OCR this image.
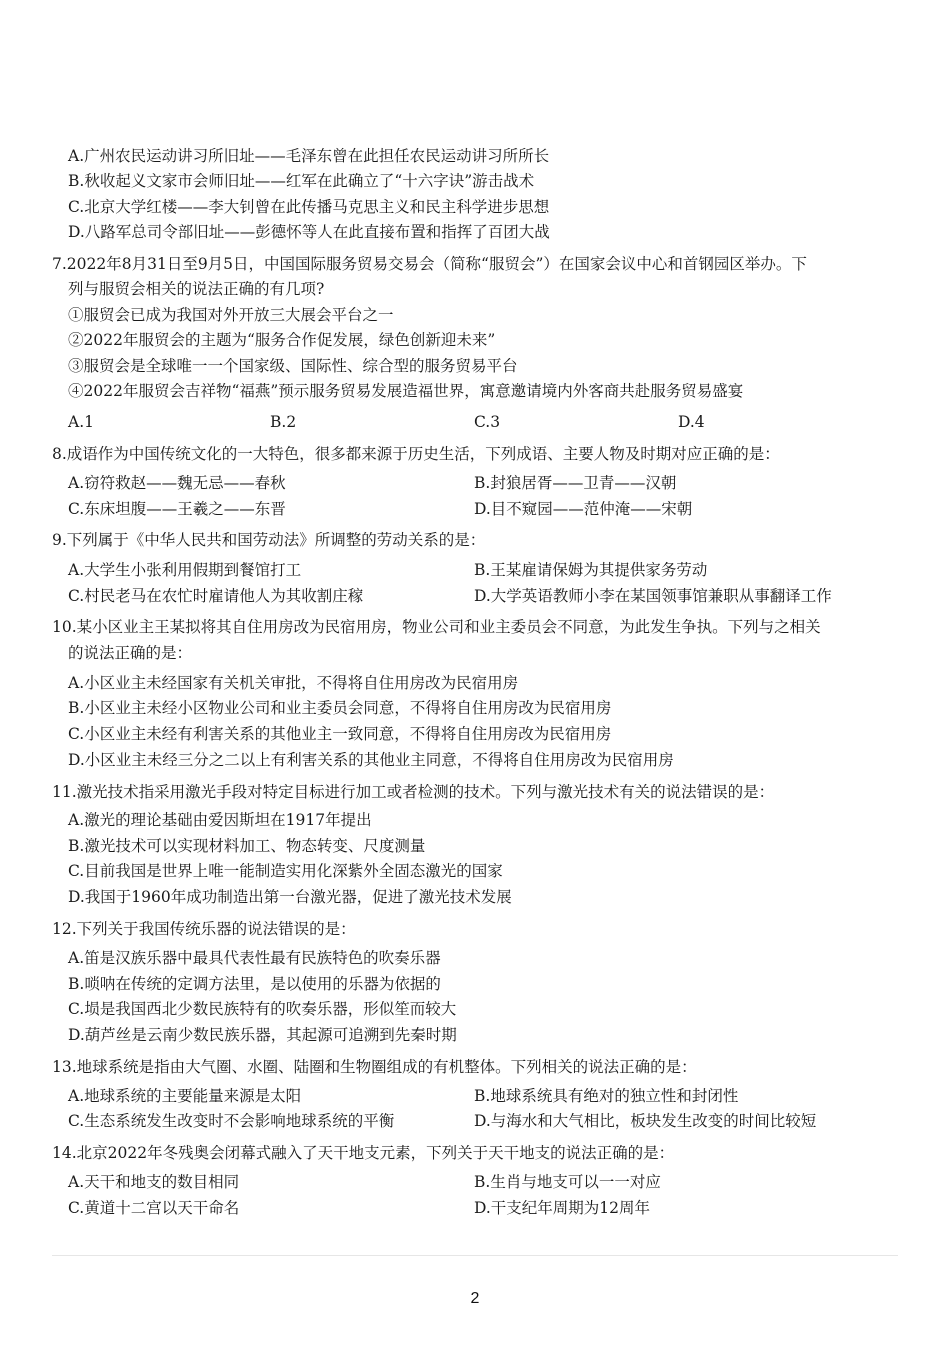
A.广州农民运动讲习所旧址——毛泽东曾在此担任农民运动讲习所所长
B.秋收起义文家市会师旧址——红军在此确立了“十六字诀”游击战术
C.北京大学红楼——李大钊曾在此传播马克思主义和民主科学进步思想
D.八路军总司令部旧址——彭德怀等人在此直接布置和指挥了百团大战
7.2022年8月31日至9月5日，中国国际服务贸易交易会（简称“服贸会”）在国家会议中心和首钢园区举办。下
列与服贸会相关的说法正确的有几项?
①服贸会已成为我国对外开放三大展会平台之一
②2022年服贸会的主题为“服务合作促发展，绿色创新迎未来”
③服贸会是全球唯一一个国家级、国际性、综合型的服务贸易平台
④2022年服贸会吉祥物“福燕”预示服务贸易发展造福世界，寓意邀请境内外客商共赴服务贸易盛宴
A.1	B.2	C.3	D.4
8.成语作为中国传统文化的一大特色，很多都来源于历史生活，下列成语、主要人物及时期对应正确的是：
A.窃符救赵——魏无忌——春秋	B.封狼居胥——卫青——汉朝
C.东床坦腹——王羲之——东晋	D.目不窥园——范仲淹——宋朝
9.下列属于《中华人民共和国劳动法》所调整的劳动关系的是：
A.大学生小张利用假期到餐馆打工	B.王某雇请保姆为其提供家务劳动
C.村民老马在农忙时雇请他人为其收割庄稼	D.大学英语教师小李在某国领事馆兼职从事翻译工作
10.某小区业主王某拟将其自住用房改为民宿用房，物业公司和业主委员会不同意，为此发生争执。下列与之相关
的说法正确的是：
A.小区业主未经国家有关机关审批，不得将自住用房改为民宿用房
B.小区业主未经小区物业公司和业主委员会同意，不得将自住用房改为民宿用房
C.小区业主未经有利害关系的其他业主一致同意，不得将自住用房改为民宿用房
D.小区业主未经三分之二以上有利害关系的其他业主同意，不得将自住用房改为民宿用房
11.激光技术指采用激光手段对特定目标进行加工或者检测的技术。下列与激光技术有关的说法错误的是：
A.激光的理论基础由爱因斯坦在1917年提出
B.激光技术可以实现材料加工、物态转变、尺度测量
C.目前我国是世界上唯一能制造实用化深紫外全固态激光的国家
D.我国于1960年成功制造出第一台激光器，促进了激光技术发展
12.下列关于我国传统乐器的说法错误的是：
A.笛是汉族乐器中最具代表性最有民族特色的吹奏乐器
B.唢呐在传统的定调方法里，是以使用的乐器为依据的
C.埙是我国西北少数民族特有的吹奏乐器，形似笙而较大
D.葫芦丝是云南少数民族乐器，其起源可追溯到先秦时期
13.地球系统是指由大气圈、水圈、陆圈和生物圈组成的有机整体。下列相关的说法正确的是：
A.地球系统的主要能量来源是太阳	B.地球系统具有绝对的独立性和封闭性
C.生态系统发生改变时不会影响地球系统的平衡	D.与海水和大气相比，板块发生改变的时间比较短
14.北京2022年冬残奥会闭幕式融入了天干地支元素，下列关于天干地支的说法正确的是：
A.天干和地支的数目相同	B.生肖与地支可以一一对应
C.黄道十二宫以天干命名	D.干支纪年周期为12周年
2
